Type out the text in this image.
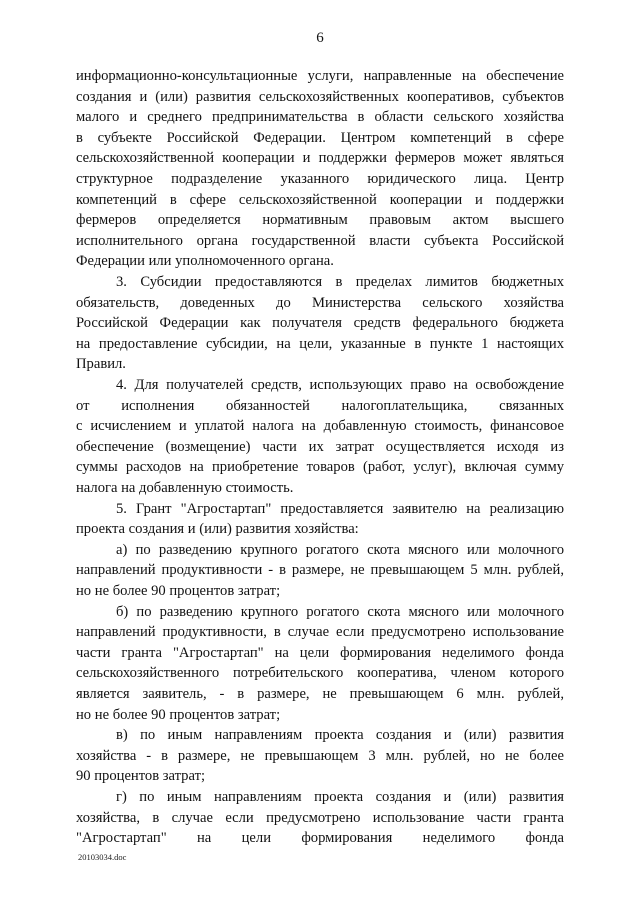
6
информационно-консультационные услуги, направленные на обеспечение
создания и (или) развития сельскохозяйственных кооперативов, субъектов
малого и среднего предпринимательства в области сельского хозяйства
в субъекте Российской Федерации. Центром компетенций в сфере
сельскохозяйственной кооперации и поддержки фермеров может являться
структурное подразделение указанного юридического лица. Центр
компетенций в сфере сельскохозяйственной кооперации и поддержки
фермеров определяется нормативным правовым актом высшего
исполнительного органа государственной власти субъекта Российской
Федерации или уполномоченного органа.
3. Субсидии предоставляются в пределах лимитов бюджетных
обязательств, доведенных до Министерства сельского хозяйства
Российской Федерации как получателя средств федерального бюджета
на предоставление субсидии, на цели, указанные в пункте 1 настоящих
Правил.
4. Для получателей средств, использующих право на освобождение
от исполнения обязанностей налогоплательщика, связанных
с исчислением и уплатой налога на добавленную стоимость, финансовое
обеспечение (возмещение) части их затрат осуществляется исходя из
суммы расходов на приобретение товаров (работ, услуг), включая сумму
налога на добавленную стоимость.
5. Грант "Агростартап" предоставляется заявителю на реализацию
проекта создания и (или) развития хозяйства:
а) по разведению крупного рогатого скота мясного или молочного
направлений продуктивности - в размере, не превышающем 5 млн. рублей,
но не более 90 процентов затрат;
б) по разведению крупного рогатого скота мясного или молочного
направлений продуктивности, в случае если предусмотрено использование
части гранта "Агростартап" на цели формирования неделимого фонда
сельскохозяйственного потребительского кооператива, членом которого
является заявитель, - в размере, не превышающем 6 млн. рублей,
но не более 90 процентов затрат;
в) по иным направлениям проекта создания и (или) развития
хозяйства - в размере, не превышающем 3 млн. рублей, но не более
90 процентов затрат;
г) по иным направлениям проекта создания и (или) развития
хозяйства, в случае если предусмотрено использование части гранта
"Агростартап" на цели формирования неделимого фонда
20103034.doc
